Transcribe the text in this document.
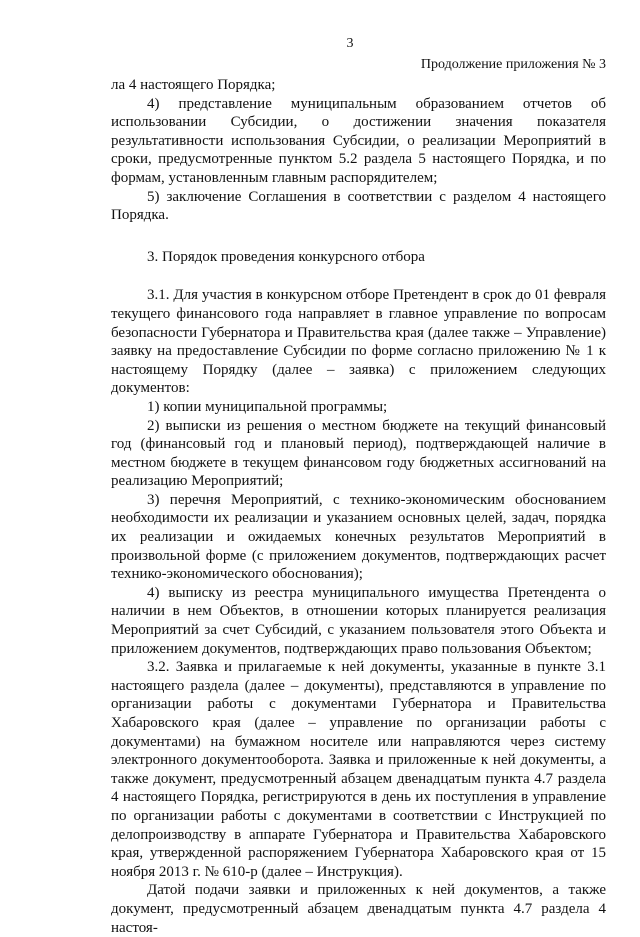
3
Продолжение приложения № 3

ла 4 настоящего Порядка;

4) представление муниципальным образованием отчетов об использовании Субсидии, о достижении значения показателя результативности использования Субсидии, о реализации Мероприятий в сроки, предусмотренные пунктом 5.2 раздела 5 настоящего Порядка, и по формам, установленным главным распорядителем;

5) заключение Соглашения в соответствии с разделом 4 настоящего Порядка.

3. Порядок проведения конкурсного отбора

3.1. Для участия в конкурсном отборе Претендент в срок до 01 февраля текущего финансового года направляет в главное управление по вопросам безопасности Губернатора и Правительства края (далее также – Управление) заявку на предоставление Субсидии по форме согласно приложению № 1 к настоящему Порядку (далее – заявка) с приложением следующих документов:

1) копии муниципальной программы;

2) выписки из решения о местном бюджете на текущий финансовый год (финансовый год и плановый период), подтверждающей наличие в местном бюджете в текущем финансовом году бюджетных ассигнований на реализацию Мероприятий;

3) перечня Мероприятий, с технико-экономическим обоснованием необходимости их реализации и указанием основных целей, задач, порядка их реализации и ожидаемых конечных результатов Мероприятий в произвольной форме (с приложением документов, подтверждающих расчет технико-экономического обоснования);

4) выписку из реестра муниципального имущества Претендента о наличии в нем Объектов, в отношении которых планируется реализация Мероприятий за счет Субсидий, с указанием пользователя этого Объекта и приложением документов, подтверждающих право пользования Объектом;

3.2. Заявка и прилагаемые к ней документы, указанные в пункте 3.1 настоящего раздела (далее – документы), представляются в управление по организации работы с документами Губернатора и Правительства Хабаровского края (далее – управление по организации работы с документами) на бумажном носителе или направляются через систему электронного документооборота. Заявка и приложенные к ней документы, а также документ, предусмотренный абзацем двенадцатым пункта 4.7 раздела 4 настоящего Порядка, регистрируются в день их поступления в управление по организации работы с документами в соответствии с Инструкцией по делопроизводству в аппарате Губернатора и Правительства Хабаровского края, утвержденной распоряжением Губернатора Хабаровского края от 15 ноября 2013 г. № 610-р (далее – Инструкция).

Датой подачи заявки и приложенных к ней документов, а также документ, предусмотренный абзацем двенадцатым пункта 4.7 раздела 4 настоя-
